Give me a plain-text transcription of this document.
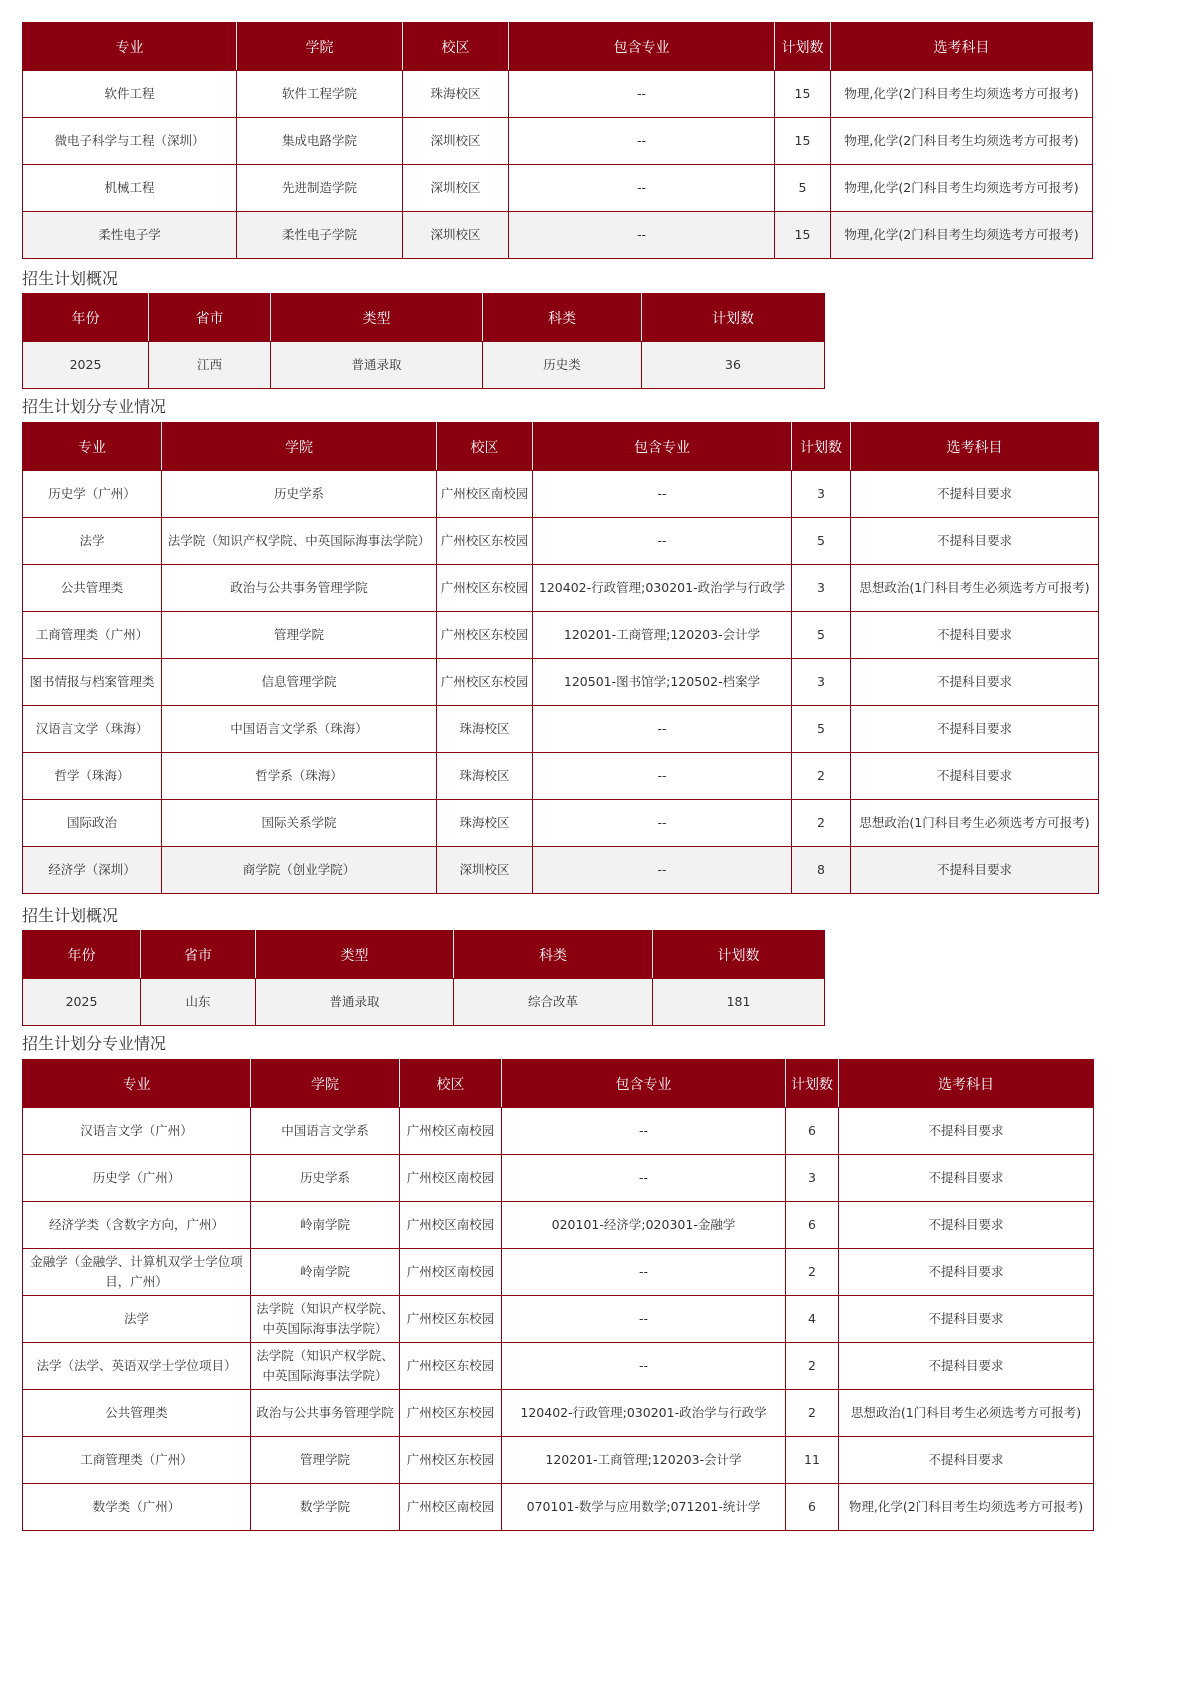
专业	学院	校区	包含专业	计划数	选考科目
软件工程	软件工程学院	珠海校区	--	15	物理,化学(2门科目考生均须选考方可报考)
微电子科学与工程（深圳）	集成电路学院	深圳校区	--	15	物理,化学(2门科目考生均须选考方可报考)
机械工程	先进制造学院	深圳校区	--	5	物理,化学(2门科目考生均须选考方可报考)
柔性电子学	柔性电子学院	深圳校区	--	15	物理,化学(2门科目考生均须选考方可报考)
招生计划概况
年份	省市	类型	科类	计划数
2025	江西	普通录取	历史类	36
招生计划分专业情况
专业	学院	校区	包含专业	计划数	选考科目
历史学（广州）	历史学系	广州校区南校园	--	3	不提科目要求
法学	法学院（知识产权学院、中英国际海事法学院）	广州校区东校园	--	5	不提科目要求
公共管理类	政治与公共事务管理学院	广州校区东校园	120402-行政管理;030201-政治学与行政学	3	思想政治(1门科目考生必须选考方可报考)
工商管理类（广州）	管理学院	广州校区东校园	120201-工商管理;120203-会计学	5	不提科目要求
图书情报与档案管理类	信息管理学院	广州校区东校园	120501-图书馆学;120502-档案学	3	不提科目要求
汉语言文学（珠海）	中国语言文学系（珠海）	珠海校区	--	5	不提科目要求
哲学（珠海）	哲学系（珠海）	珠海校区	--	2	不提科目要求
国际政治	国际关系学院	珠海校区	--	2	思想政治(1门科目考生必须选考方可报考)
经济学（深圳）	商学院（创业学院）	深圳校区	--	8	不提科目要求
招生计划概况
年份	省市	类型	科类	计划数
2025	山东	普通录取	综合改革	181
招生计划分专业情况
专业	学院	校区	包含专业	计划数	选考科目
汉语言文学（广州）	中国语言文学系	广州校区南校园	--	6	不提科目要求
历史学（广州）	历史学系	广州校区南校园	--	3	不提科目要求
经济学类（含数字方向，广州）	岭南学院	广州校区南校园	020101-经济学;020301-金融学	6	不提科目要求
金融学（金融学、计算机双学士学位项目，广州）	岭南学院	广州校区南校园	--	2	不提科目要求
法学	法学院（知识产权学院、中英国际海事法学院）	广州校区东校园	--	4	不提科目要求
法学（法学、英语双学士学位项目）	法学院（知识产权学院、中英国际海事法学院）	广州校区东校园	--	2	不提科目要求
公共管理类	政治与公共事务管理学院	广州校区东校园	120402-行政管理;030201-政治学与行政学	2	思想政治(1门科目考生必须选考方可报考)
工商管理类（广州）	管理学院	广州校区东校园	120201-工商管理;120203-会计学	11	不提科目要求
数学类（广州）	数学学院	广州校区南校园	070101-数学与应用数学;071201-统计学	6	物理,化学(2门科目考生均须选考方可报考)
